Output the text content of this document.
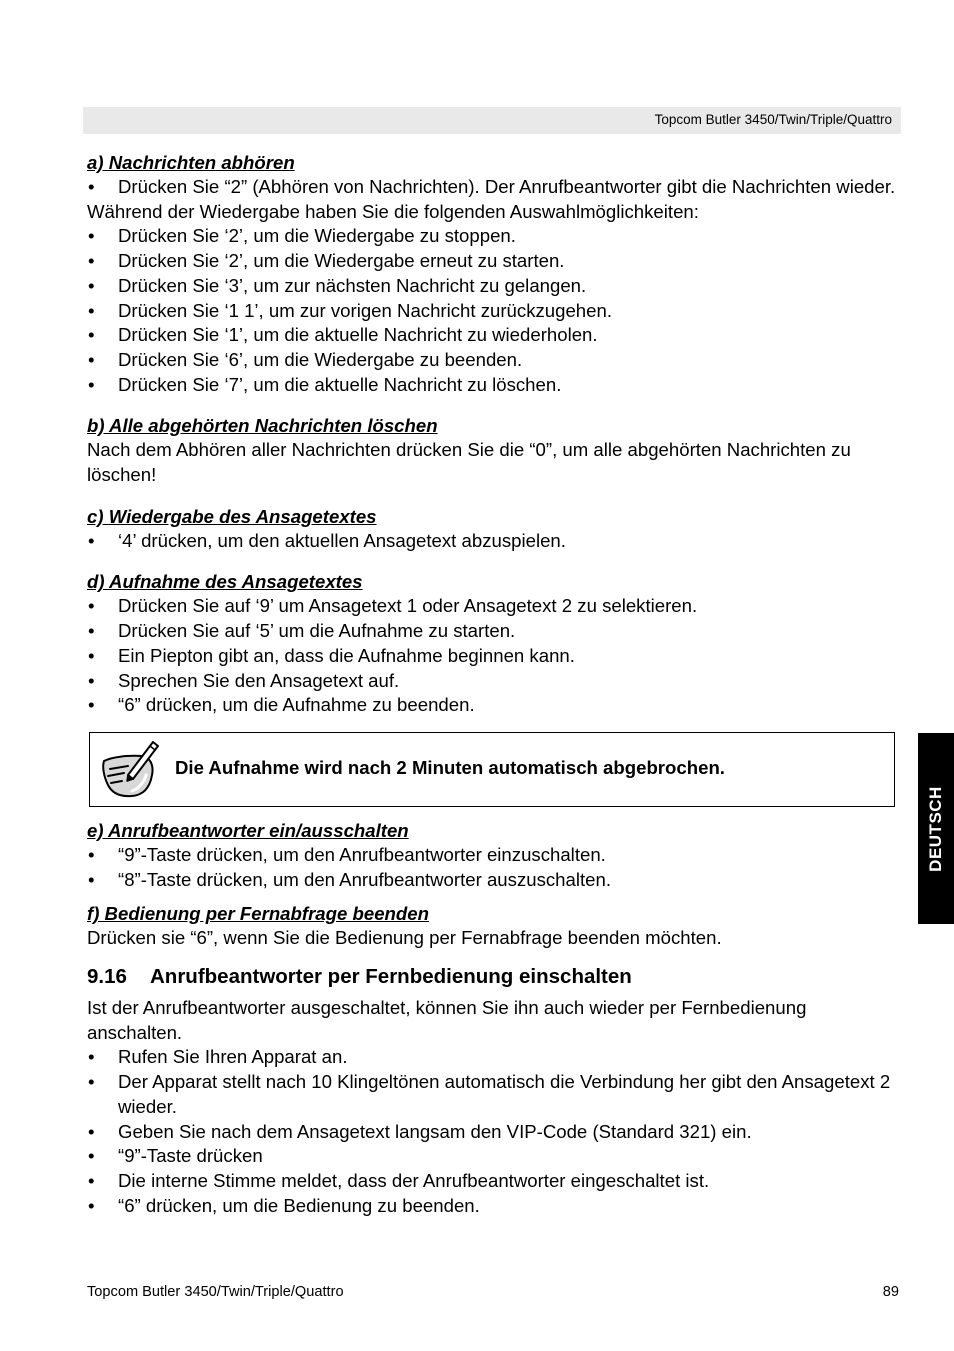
Topcom Butler 3450/Twin/Triple/Quattro
DEUTSCH
a) Nachrichten abhören
• Drücken Sie “2” (Abhören von Nachrichten). Der Anrufbeantworter gibt die Nachrichten wieder.

Während der Wiedergabe haben Sie die folgenden Auswahlmöglichkeiten:

• Drücken Sie ‘2’, um die Wiedergabe zu stoppen.
• Drücken Sie ‘2’, um die Wiedergabe erneut zu starten.
• Drücken Sie ‘3’, um zur nächsten Nachricht zu gelangen.
• Drücken Sie ‘1 1’, um zur vorigen Nachricht zurückzugehen.
• Drücken Sie ‘1’, um die aktuelle Nachricht zu wiederholen.
• Drücken Sie ‘6’, um die Wiedergabe zu beenden.
• Drücken Sie ‘7’, um die aktuelle Nachricht zu löschen.
b) Alle abgehörten Nachrichten löschen

Nach dem Abhören aller Nachrichten drücken Sie die “0”, um alle abgehörten Nachrichten zu löschen!

c) Wiedergabe des Ansagetextes
• ‘4’ drücken, um den aktuellen Ansagetext abzuspielen.
d) Aufnahme des Ansagetextes
• Drücken Sie auf ‘9’ um Ansagetext 1 oder Ansagetext 2 zu selektieren.
• Drücken Sie auf ‘5’ um die Aufnahme zu starten.
• Ein Piepton gibt an, dass die Aufnahme beginnen kann.
• Sprechen Sie den Ansagetext auf.
• “6” drücken, um die Aufnahme zu beenden.
Die Aufnahme wird nach 2 Minuten automatisch abgebrochen.
e) Anrufbeantworter ein/ausschalten
• “9”-Taste drücken, um den Anrufbeantworter einzuschalten.
• “8”-Taste drücken, um den Anrufbeantworter auszuschalten.
f) Bedienung per Fernabfrage beenden

Drücken sie “6”, wenn Sie die Bedienung per Fernabfrage beenden möchten.

9.16 Anrufbeantworter per Fernbedienung einschalten

Ist der Anrufbeantworter ausgeschaltet, können Sie ihn auch wieder per Fernbedienung anschalten.

• Rufen Sie Ihren Apparat an.
• Der Apparat stellt nach 10 Klingeltönen automatisch die Verbindung her gibt den Ansagetext 2 wieder.
• Geben Sie nach dem Ansagetext langsam den VIP-Code (Standard 321) ein.
• “9”-Taste drücken
• Die interne Stimme meldet, dass der Anrufbeantworter eingeschaltet ist.
• “6” drücken, um die Bedienung zu beenden.
Topcom Butler 3450/Twin/Triple/Quattro	89
